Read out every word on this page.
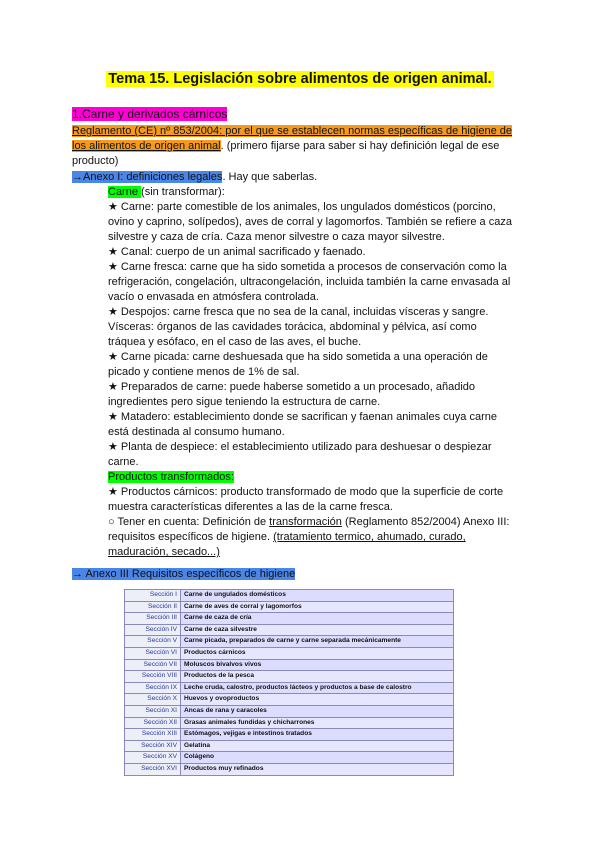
Tema 15. Legislación sobre alimentos de origen animal.
1.Carne y derivados cárnicos
Reglamento (CE) nº 853/2004: por el que se establecen normas específicas de higiene de
los alimentos de origen animal. (primero fijarse para saber si hay definición legal de ese
producto)
→Anexo I: definiciones legales. Hay que saberlas.
Carne (sin transformar):
★ Carne: parte comestible de los animales, los ungulados domésticos (porcino,
ovino y caprino, solípedos), aves de corral y lagomorfos. También se refiere a caza
silvestre y caza de cría. Caza menor silvestre o caza mayor silvestre.
★ Canal: cuerpo de un animal sacrificado y faenado.
★ Carne fresca: carne que ha sido sometida a procesos de conservación como la
refrigeración, congelación, ultracongelación, incluida también la carne envasada al
vacío o envasada en atmósfera controlada.
★ Despojos: carne fresca que no sea de la canal, incluidas vísceras y sangre.
Vísceras: órganos de las cavidades torácica, abdominal y pélvica, así como
tráquea y esófaco, en el caso de las aves, el buche.
★ Carne picada: carne deshuesada que ha sido sometida a una operación de
picado y contiene menos de 1% de sal.
★ Preparados de carne: puede haberse sometido a un procesado, añadido
ingredientes pero sigue teniendo la estructura de carne.
★ Matadero: establecimiento donde se sacrifican y faenan animales cuya carne
está destinada al consumo humano.
★ Planta de despiece: el establecimiento utilizado para deshuesar o despiezar
carne.
Productos transformados:
★ Productos cárnicos: producto transformado de modo que la superficie de corte
muestra características diferentes a las de la carne fresca.
○ Tener en cuenta: Definición de transformación (Reglamento 852/2004) Anexo III:
requisitos específicos de higiene. (tratamiento termico, ahumado, curado,
maduración, secado...)
→ Anexo III Requisitos específicos de higiene
Sección I	Carne de ungulados domésticos
Sección II	Carne de aves de corral y lagomorfos
Sección III	Carne de caza de cría
Sección IV	Carne de caza silvestre
Sección V	Carne picada, preparados de carne y carne separada mecánicamente
Sección VI	Productos cárnicos
Sección VII	Moluscos bivalvos vivos
Sección VIII	Productos de la pesca
Sección IX	Leche cruda, calostro, productos lácteos y productos a base de calostro
Sección X	Huevos y ovoproductos
Sección XI	Ancas de rana y caracoles
Sección XII	Grasas animales fundidas y chicharrones
Sección XIII	Estómagos, vejigas e intestinos tratados
Sección XIV	Gelatina
Sección XV	Colágeno
Sección XVI	Productos muy refinados
